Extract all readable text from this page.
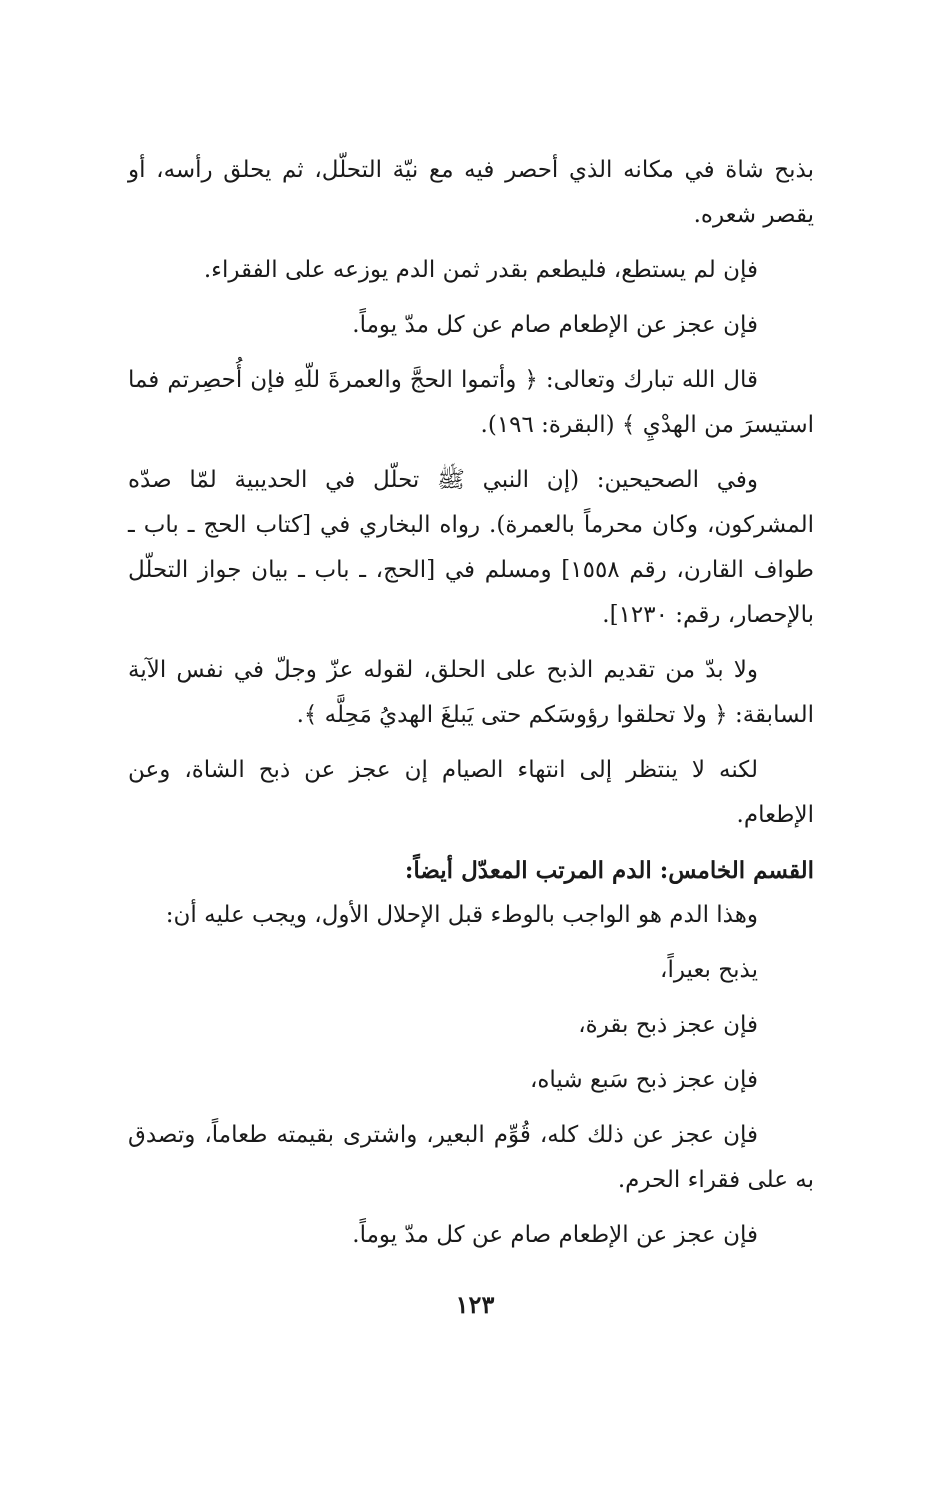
بذبح شاة في مكانه الذي أحصر فيه مع نيّة التحلّل، ثم يحلق رأسه، أو يقصر شعره.

فإن لم يستطع، فليطعم بقدر ثمن الدم يوزعه على الفقراء.

فإن عجز عن الإطعام صام عن كل مدّ يوماً.

قال الله تبارك وتعالى: ﴿ وأتموا الحجَّ والعمرةَ للّهِ فإن أُحصِرتم فما استيسرَ من الهدْيِ ﴾ (البقرة: ١٩٦).

وفي الصحيحين: (إن النبي ﷺ تحلّل في الحديبية لمّا صدّه المشركون، وكان محرماً بالعمرة). رواه البخاري في [كتاب الحج ـ باب ـ طواف القارن، رقم ١٥٥٨] ومسلم في [الحج، ـ باب ـ بيان جواز التحلّل بالإحصار، رقم: ١٢٣٠].

ولا بدّ من تقديم الذبح على الحلق، لقوله عزّ وجلّ في نفس الآية السابقة: ﴿ ولا تحلقوا رؤوسَكم حتى يَبلغَ الهديُ مَحِلَّه ﴾.

لكنه لا ينتظر إلى انتهاء الصيام إن عجز عن ذبح الشاة، وعن الإطعام.

القسم الخامس: الدم المرتب المعدّل أيضاً:

وهذا الدم هو الواجب بالوطء قبل الإحلال الأول، ويجب عليه أن:

يذبح بعيراً،

فإن عجز ذبح بقرة،

فإن عجز ذبح سَبع شياه،

فإن عجز عن ذلك كله، قُوِّم البعير، واشترى بقيمته طعاماً، وتصدق به على فقراء الحرم.

فإن عجز عن الإطعام صام عن كل مدّ يوماً.

١٢٣
